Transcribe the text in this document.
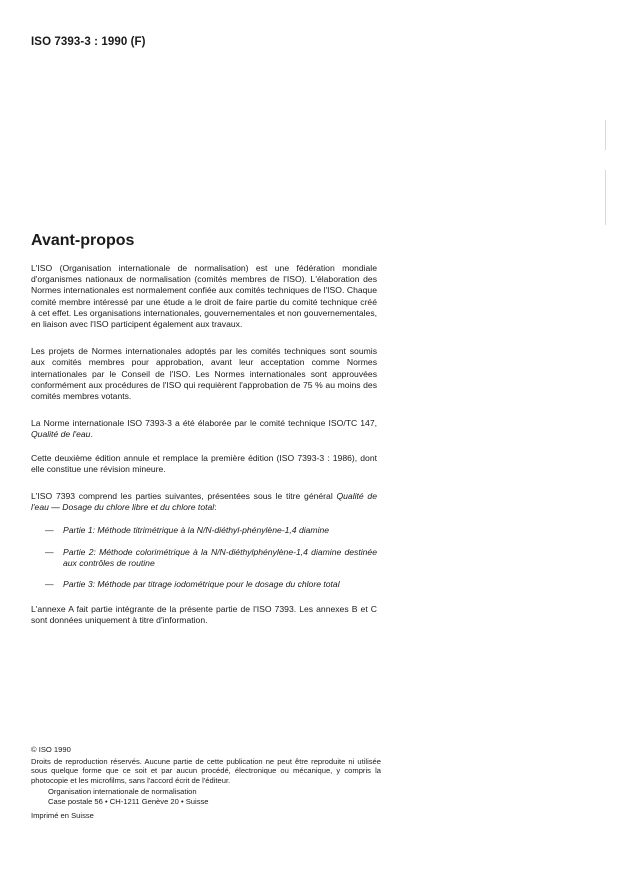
ISO 7393-3 : 1990 (F)
Avant-propos

L'ISO (Organisation internationale de normalisation) est une fédération mondiale d'organismes nationaux de normalisation (comités membres de l'ISO). L'élaboration des Normes internationales est normalement confiée aux comités techniques de l'ISO. Chaque comité membre intéressé par une étude a le droit de faire partie du comité technique créé à cet effet. Les organisations internationales, gouvernementales et non gouvernementales, en liaison avec l'ISO participent également aux travaux.

Les projets de Normes internationales adoptés par les comités techniques sont soumis aux comités membres pour approbation, avant leur acceptation comme Normes internationales par le Conseil de l'ISO. Les Normes internationales sont approuvées conformément aux procédures de l'ISO qui requièrent l'approbation de 75 % au moins des comités membres votants.

La Norme internationale ISO 7393-3 a été élaborée par le comité technique ISO/TC 147, Qualité de l'eau.

Cette deuxième édition annule et remplace la première édition (ISO 7393-3 : 1986), dont elle constitue une révision mineure.

L'ISO 7393 comprend les parties suivantes, présentées sous le titre général Qualité de l'eau — Dosage du chlore libre et du chlore total:

— Partie 1: Méthode titrimétrique à la N/N-diéthyl-phénylène-1,4 diamine
— Partie 2: Méthode colorimétrique à la N/N-diéthylphénylène-1,4 diamine destinée aux contrôles de routine
— Partie 3: Méthode par titrage iodométrique pour le dosage du chlore total

L'annexe A fait partie intégrante de la présente partie de l'ISO 7393. Les annexes B et C sont données uniquement à titre d'information.

© ISO 1990
Droits de reproduction réservés. Aucune partie de cette publication ne peut être reproduite ni utilisée sous quelque forme que ce soit et par aucun procédé, électronique ou mécanique, y compris la photocopie et les microfilms, sans l'accord écrit de l'éditeur.
Organisation internationale de normalisation
Case postale 56 • CH-1211 Genève 20 • Suisse
Imprimé en Suisse
